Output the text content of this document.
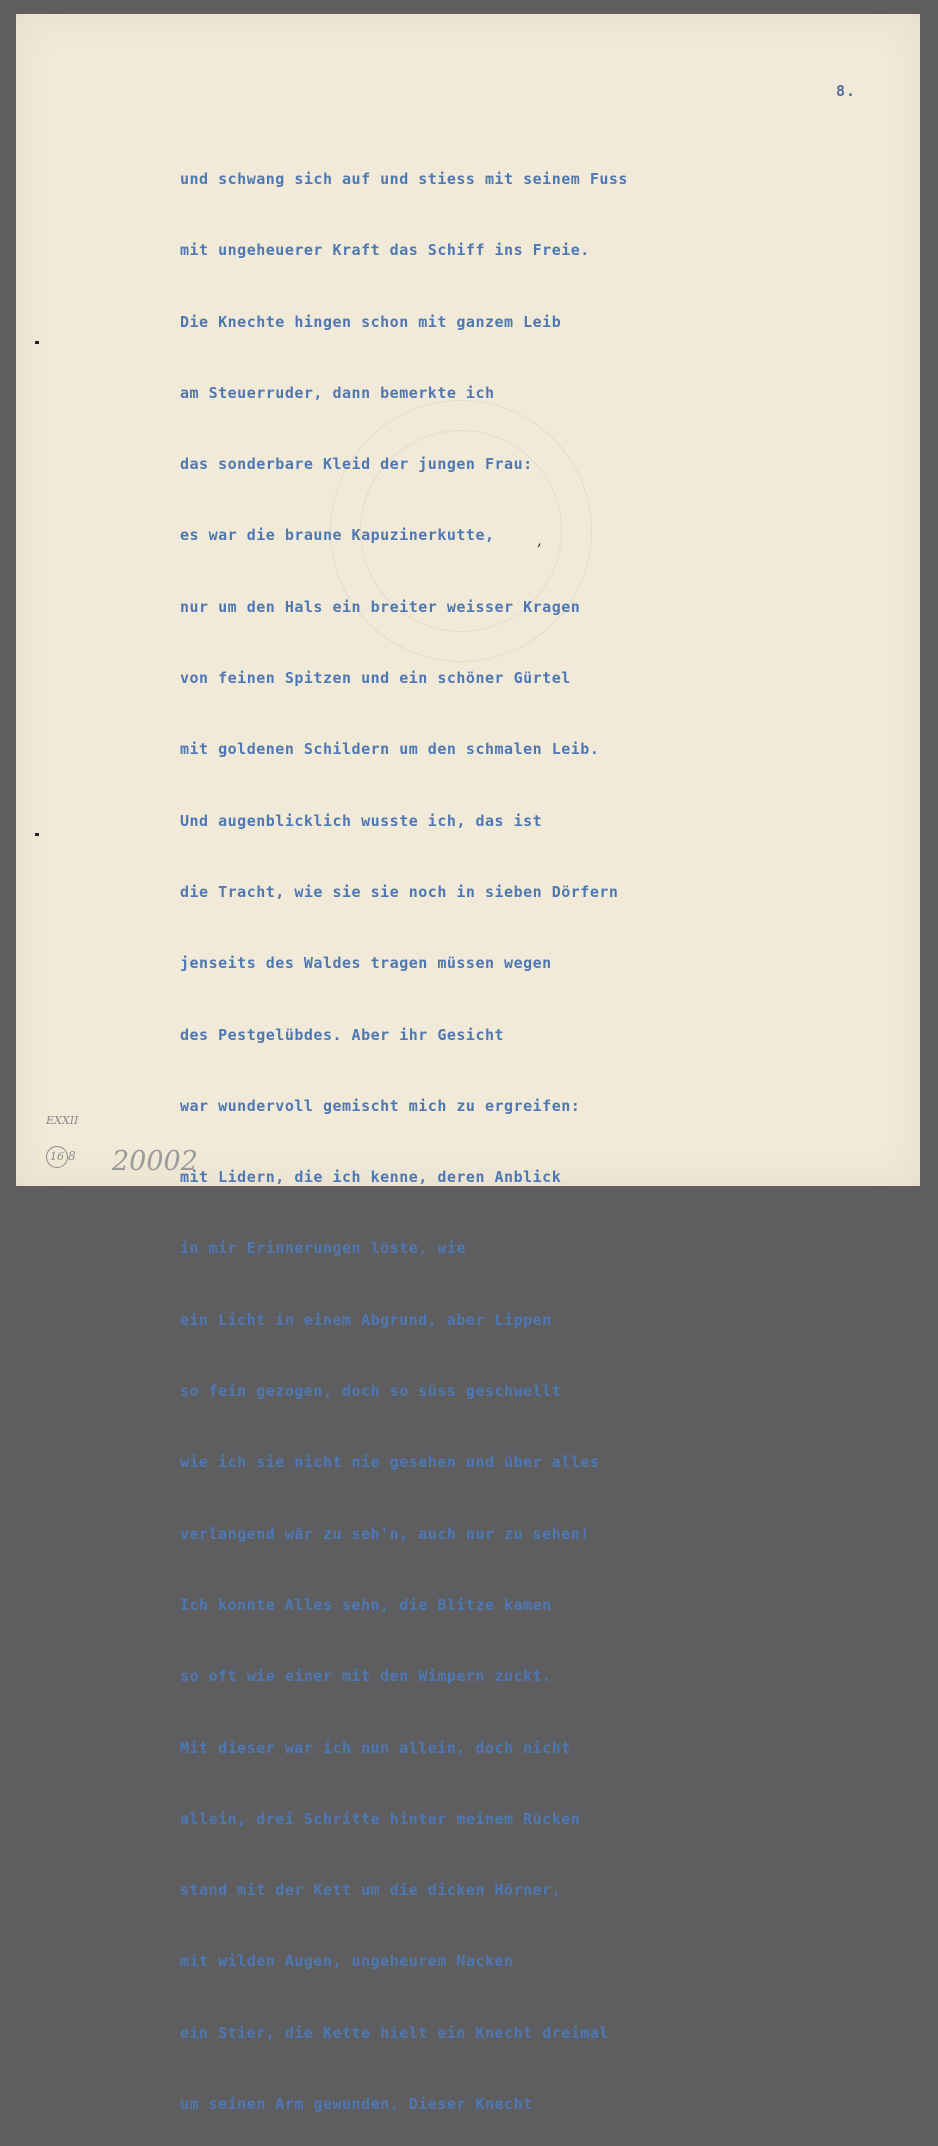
8.

und schwang sich auf und stiess mit seinem Fuss

mit ungeheuerer Kraft das Schiff ins Freie.

Die Knechte hingen schon mit ganzem Leib

am Steuerruder, dann bemerkte ich

das sonderbare Kleid der jungen Frau:

es war die braune Kapuzinerkutte,

nur um den Hals ein breiter weisser Kragen

von feinen Spitzen und ein schöner Gürtel

mit goldenen Schildern um den schmalen Leib.

Und augenblicklich wusste ich, das ist

die Tracht, wie sie sie noch in sieben Dörfern

jenseits des Waldes tragen müssen wegen

des Pestgelübdes. Aber ihr Gesicht

war wundervoll gemischt mich zu ergreifen:

mit Lidern, die ich kenne, deren Anblick

in mir Erinnerungen löste, wie

ein Licht in einem Abgrund, aber Lippen

so fein gezogen, doch so süss geschwellt

wie ich sie nicht nie gesehen und über alles

verlangend wär zu seh'n, auch nur zu sehen!

Ich konnte Alles sehn, die Blitze kamen

so oft wie einer mit den Wimpern zuckt.

Mit dieser war ich nun allein, doch nicht

allein, drei Schritte hinter meinem Rücken

stand mit der Kett um die dicken Hörner,

mit wilden Augen, ungeheurem Nacken

ein Stier, die Kette hielt ein Knecht dreimal

um seinen Arm gewunden. Dieser Knecht

,
EXXII
16 8 20002
